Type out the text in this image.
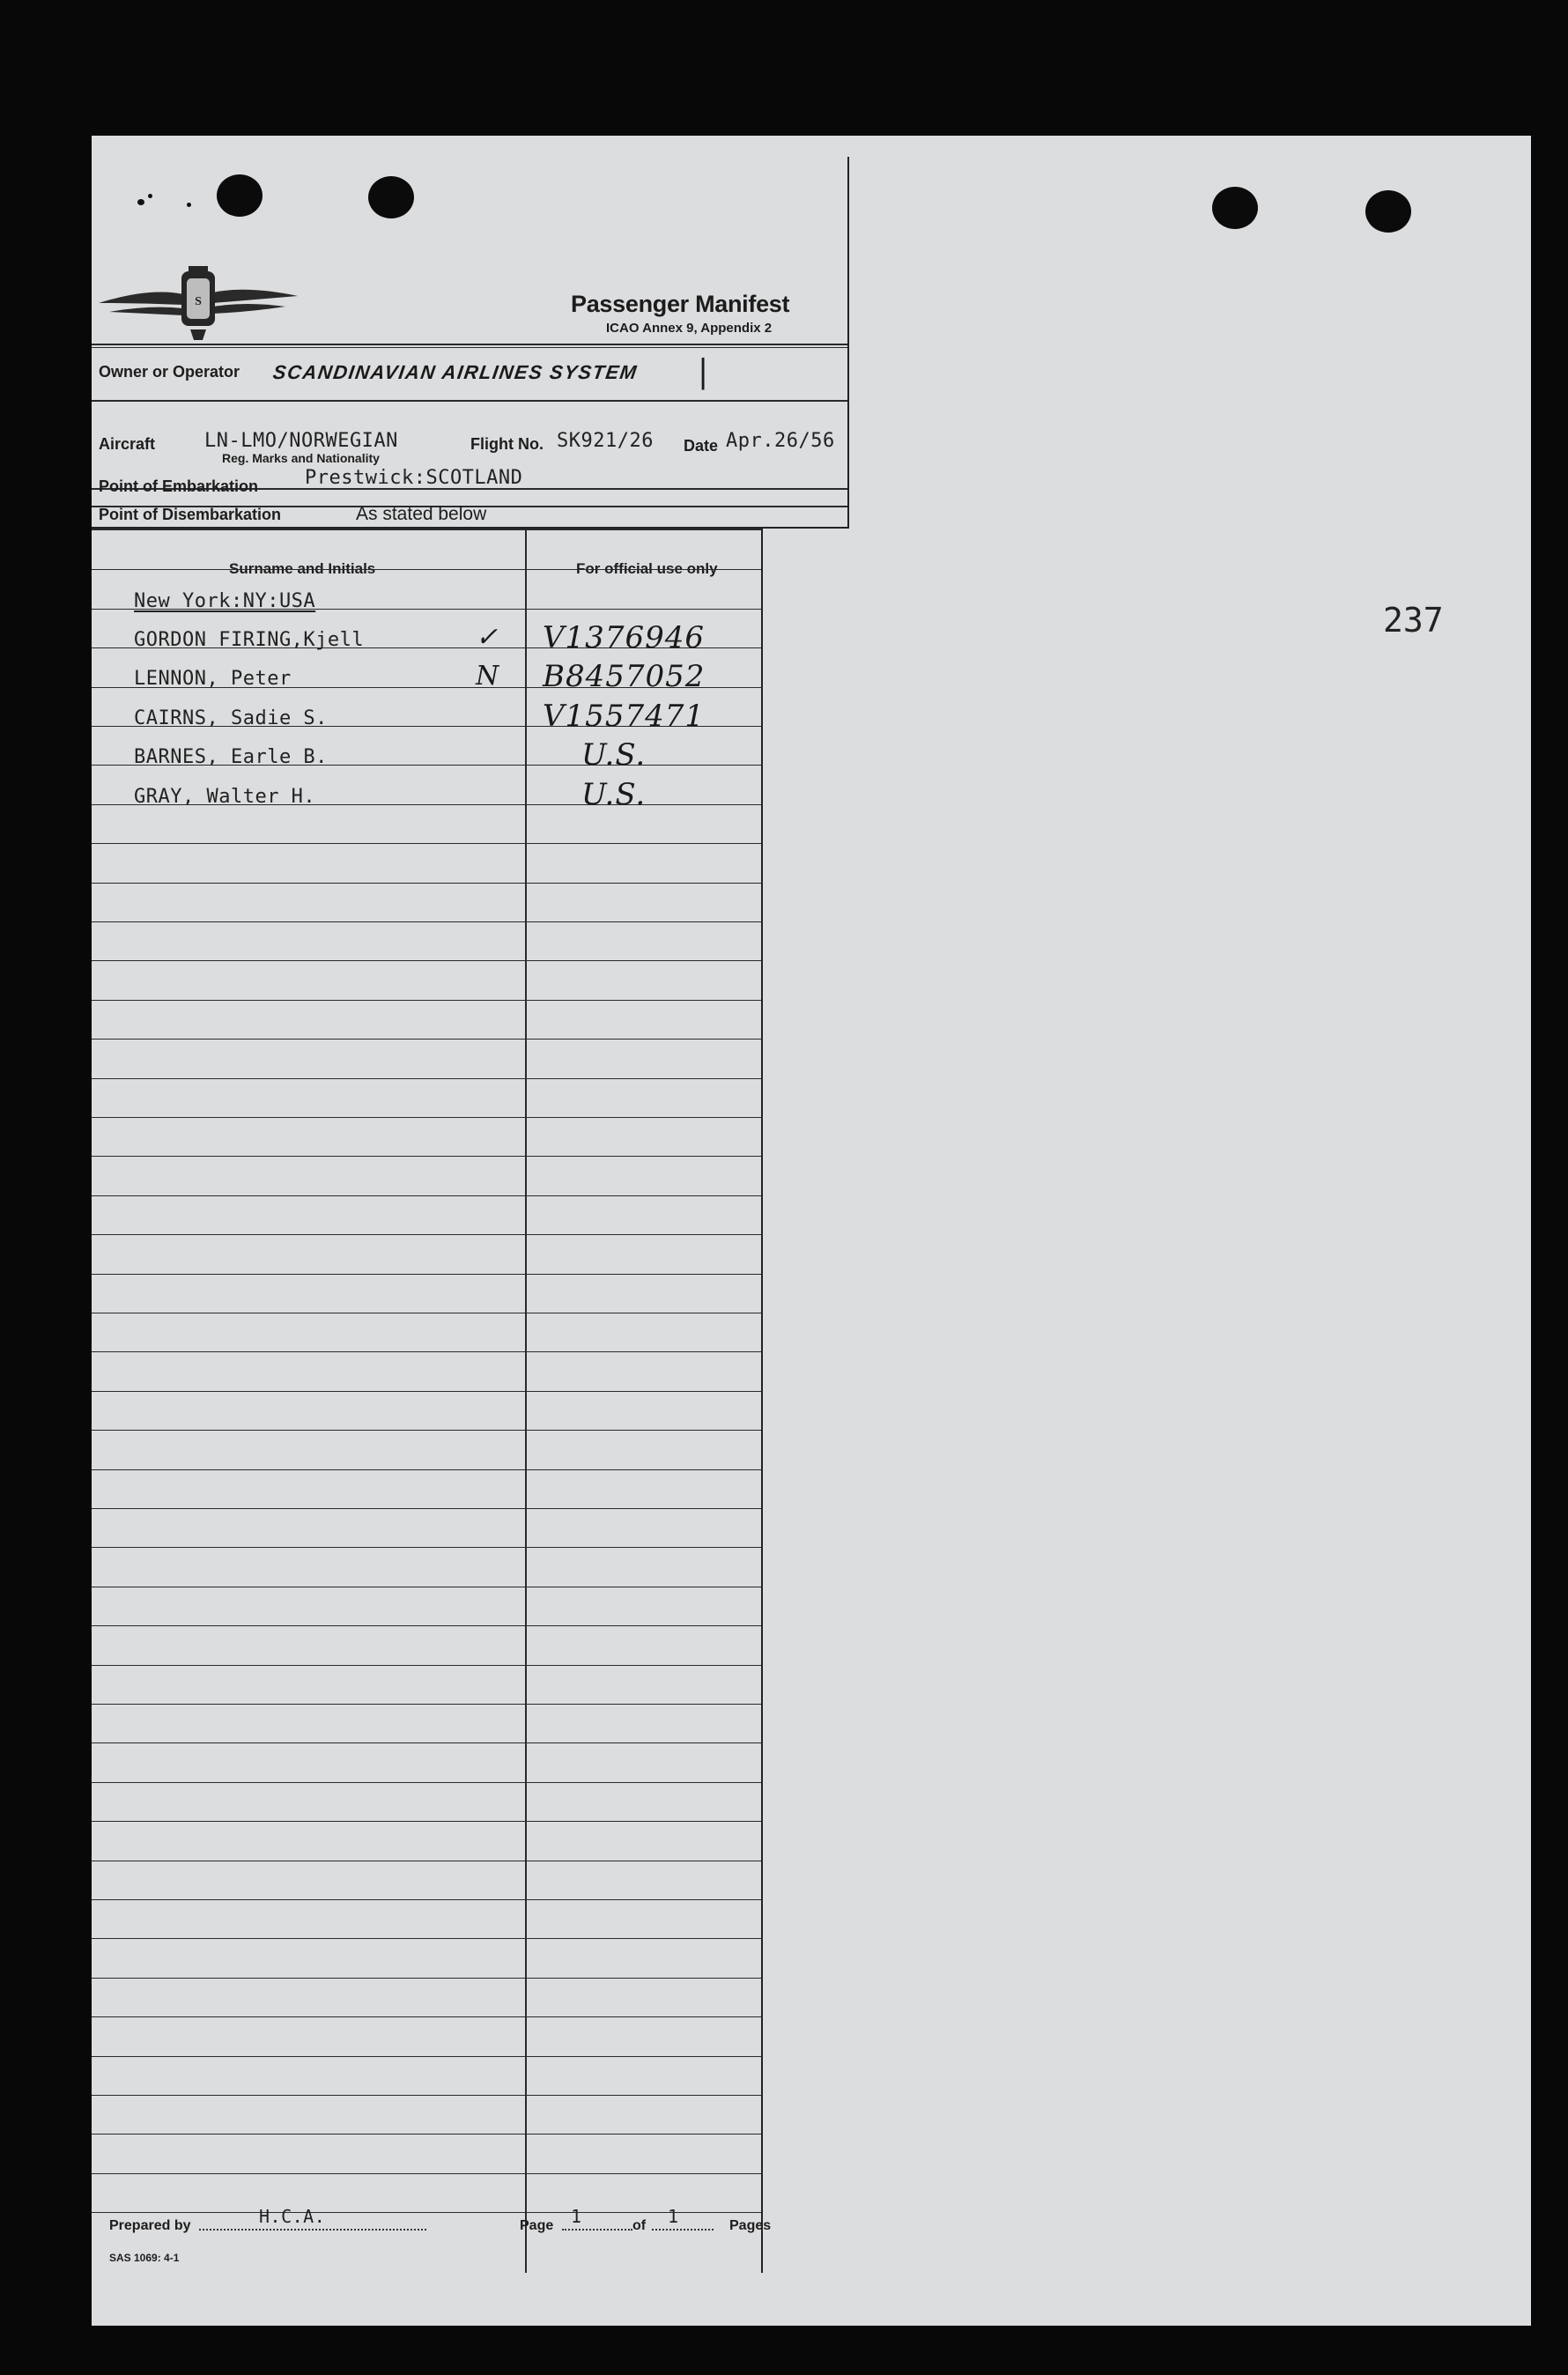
S	Passenger Manifest
ICAO Annex 9, Appendix 2
Owner or Operator SCANDINAVIAN AIRLINES SYSTEM |
Aircraft	LN-LMO/NORWEGIAN
Reg. Marks and Nationality
Flight No. SK921/26 Date Apr.26/56
Point of Embarkation Prestwick:SCOTLAND
Point of Disembarkation	As stated below
Surname and Initials	For official use only
New York:NY:USA
GORDON FIRING,Kjell	✓ V1376946
LENNON, Peter	N B8457052
CAIRNS, Sadie S.	V1557471
BARNES, Earle B.	U.S.
GRAY, Walter H.	U.S.
237
Prepared by	H.C.A.	Page 1	of 1	Pages
SAS 1069: 4-1
